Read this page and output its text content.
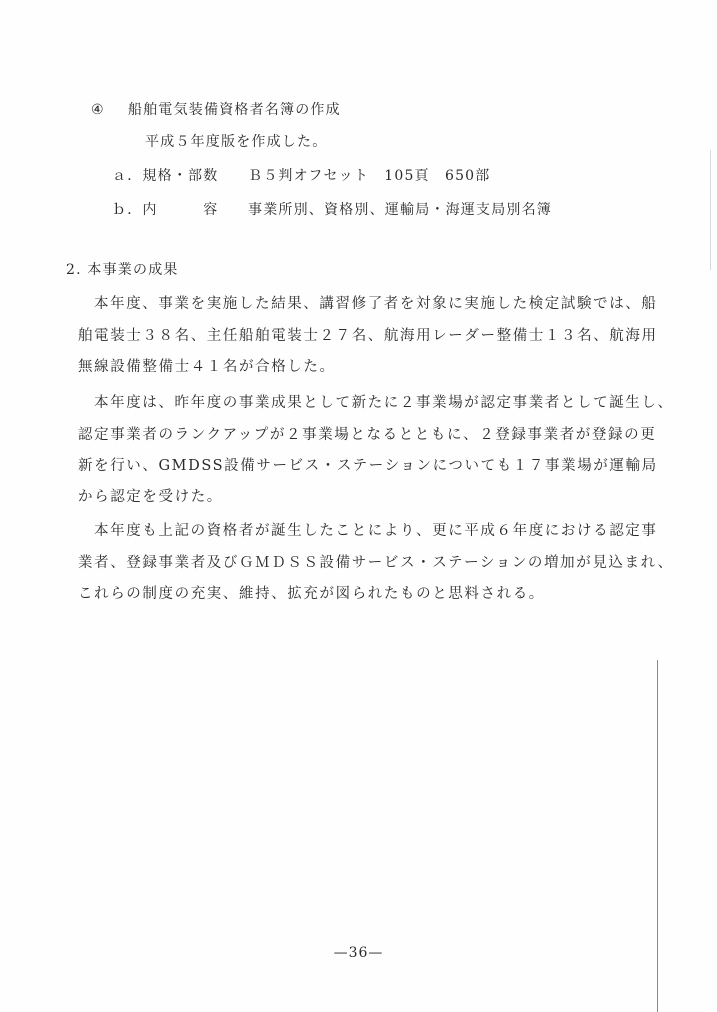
④ 船舶電気装備資格者名簿の作成
平成５年度版を作成した。
ａ．規格・部数 Ｂ５判オフセット　105頁　650部
ｂ．内　　　容 事業所別、資格別、運輸局・海運支局別名簿
2. 本事業の成果
本年度、事業を実施した結果、講習修了者を対象に実施した検定試験では、船
舶電装士３８名、主任船舶電装士２７名、航海用レーダー整備士１３名、航海用
無線設備整備士４１名が合格した。
本年度は、昨年度の事業成果として新たに２事業場が認定事業者として誕生し、
認定事業者のランクアップが２事業場となるとともに、２登録事業者が登録の更
新を行い、GMDSS設備サービス・ステーションについても１７事業場が運輸局
から認定を受けた。
本年度も上記の資格者が誕生したことにより、更に平成６年度における認定事
業者、登録事業者及びＧＭＤＳＳ設備サービス・ステーションの増加が見込まれ、
これらの制度の充実、維持、拡充が図られたものと思料される。
—36—
